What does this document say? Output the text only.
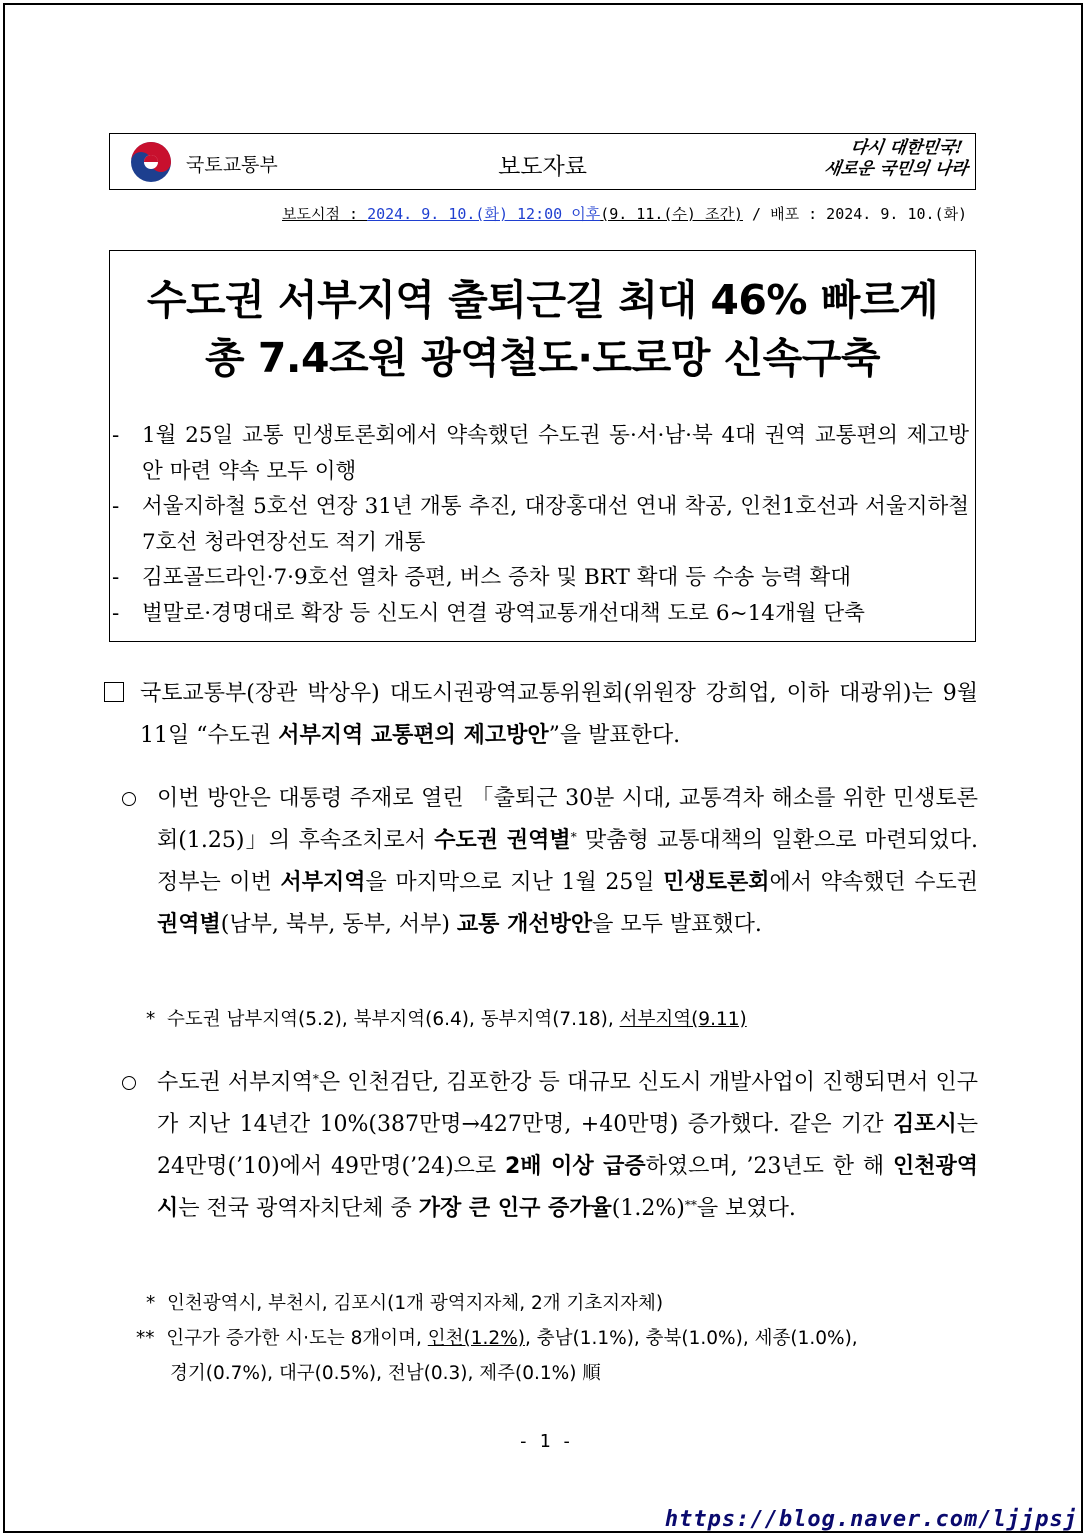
국토교통부	보도자료
다시 대한민국!
새로운 국민의 나라
보도시점 : 2024. 9. 10.(화) 12:00 이후(9. 11.(수) 조간) / 배포 : 2024. 9. 10.(화)
수도권 서부지역 출퇴근길 최대 46% 빠르게
총 7.4조원 광역철도·도로망 신속구축
-	1월 25일 교통 민생토론회에서 약속했던 수도권 동·서·남·북 4대 권역 교통편의 제고방안 마련 약속 모두 이행
-	서울지하철 5호선 연장 31년 개통 추진, 대장홍대선 연내 착공, 인천1호선과 서울지하철 7호선 청라연장선도 적기 개통
-	김포골드라인·7·9호선 열차 증편, 버스 증차 및 BRT 확대 등 수송 능력 확대
-	벌말로·경명대로 확장 등 신도시 연결 광역교통개선대책 도로 6~14개월 단축
국토교통부(장관 박상우) 대도시권광역교통위원회(위원장 강희업, 이하 대광위)는 9월 11일 “수도권 서부지역 교통편의 제고방안”을 발표한다.
이번 방안은 대통령 주재로 열린 「출퇴근 30분 시대, 교통격차 해소를 위한 민생토론회(1.25)」의 후속조치로서 수도권 권역별* 맞춤형 교통대책의 일환으로 마련되었다. 정부는 이번 서부지역을 마지막으로 지난 1월 25일 민생토론회에서 약속했던 수도권 권역별(남부, 북부, 동부, 서부) 교통 개선방안을 모두 발표했다.
* 수도권 남부지역(5.2), 북부지역(6.4), 동부지역(7.18), 서부지역(9.11)
수도권 서부지역*은 인천검단, 김포한강 등 대규모 신도시 개발사업이 진행되면서 인구가 지난 14년간 10%(387만명→427만명, +40만명) 증가했다. 같은 기간 김포시는 24만명(’10)에서 49만명(’24)으로 2배 이상 급증하였으며, ’23년도 한 해 인천광역시는 전국 광역자치단체 중 가장 큰 인구 증가율(1.2%)**을 보였다.
* 인천광역시, 부천시, 김포시(1개 광역지자체, 2개 기초지자체)
** 인구가 증가한 시·도는 8개이며, 인천(1.2%), 충남(1.1%), 충북(1.0%), 세종(1.0%),
경기(0.7%), 대구(0.5%), 전남(0.3), 제주(0.1%) 順
- 1 -
https://blog.naver.com/ljjpsj
